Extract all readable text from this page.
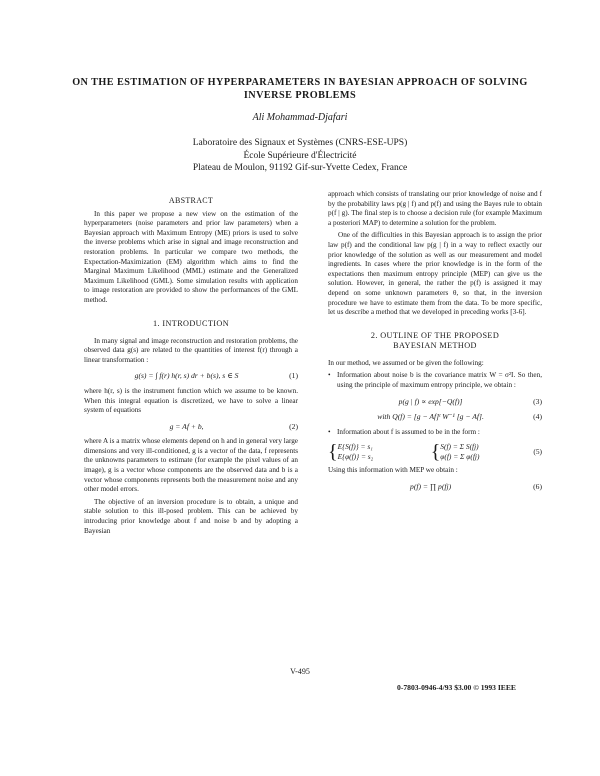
ON THE ESTIMATION OF HYPERPARAMETERS IN BAYESIAN APPROACH OF SOLVING INVERSE PROBLEMS
Ali Mohammad-Djafari
Laboratoire des Signaux et Systèmes (CNRS-ESE-UPS)
École Supérieure d'Électricité
Plateau de Moulon, 91192 Gif-sur-Yvette Cedex, France
ABSTRACT

In this paper we propose a new view on the estimation of the hyperparameters (noise parameters and prior law parameters) when a Bayesian approach with Maximum Entropy (ME) priors is used to solve the inverse problems which arise in signal and image reconstruction and restoration problems. In particular we compare two methods, the Expectation-Maximization (EM) algorithm which aims to find the Marginal Maximum Likelihood (MML) estimate and the Generalized Maximum Likelihood (GML). Some simulation results with application to image restoration are provided to show the performances of the GML method.

1. INTRODUCTION

In many signal and image reconstruction and restoration problems, the observed data g(s) are related to the quantities of interest f(r) through a linear transformation :

g(s) = ∫ f(r) h(r, s) dr + b(s), s ∈ S	(1)

where h(r, s) is the instrument function which we assume to be known. When this integral equation is discretized, we have to solve a linear system of equations

g = Af + b,	(2)

where A is a matrix whose elements depend on h and in general very large dimensions and very ill-conditioned, g is a vector of the data, f represents the unknowns parameters to estimate (for example the pixel values of an image), g is a vector whose components are the observed data and b is a vector whose components represents both the measurement noise and any other model errors.

The objective of an inversion procedure is to obtain, a unique and stable solution to this ill-posed problem. This can be achieved by introducing prior knowledge about f and noise b and by adopting a Bayesian

approach which consists of translating our prior knowledge of noise and f by the probability laws p(g | f) and p(f) and using the Bayes rule to obtain p(f | g). The final step is to choose a decision rule (for example Maximum a posteriori MAP) to determine a solution for the problem.

One of the difficulties in this Bayesian approach is to assign the prior law p(f) and the conditional law p(g | f) in a way to reflect exactly our prior knowledge of the solution as well as our measurement and model ingredients. In cases where the prior knowledge is in the form of the expectations then maximum entropy principle (MEP) can give us the solution. However, in general, the rather the p(f) is assigned it may depend on some unknown parameters θ, so that, in the inversion procedure we have to estimate them from the data. To be more specific, let us describe a method that we developed in preceding works [3-6].

2. OUTLINE OF THE PROPOSED
BAYESIAN METHOD

In our method, we assumed or be given the following:

• Information about noise b is the covariance matrix W = σ²I. So then, using the principle of maximum entropy principle, we obtain :

p(g | f) ∝ exp[−Q(f)]	(3)
with Q(f) = [g − Af]ᵗ W⁻¹ [g − Af].	(4)

• Information about f is assumed to be in the form :

{ E{S(f)} = s₁
E{φ(f)} = s₂	{ S(f) = Σ S(fj)
φ(f) = Σ φ(fj)
(5)

Using this information with MEP we obtain :

p(f) = ∏ p(fj)	(6)
V-495
0-7803-0946-4/93 $3.00 © 1993 IEEE
